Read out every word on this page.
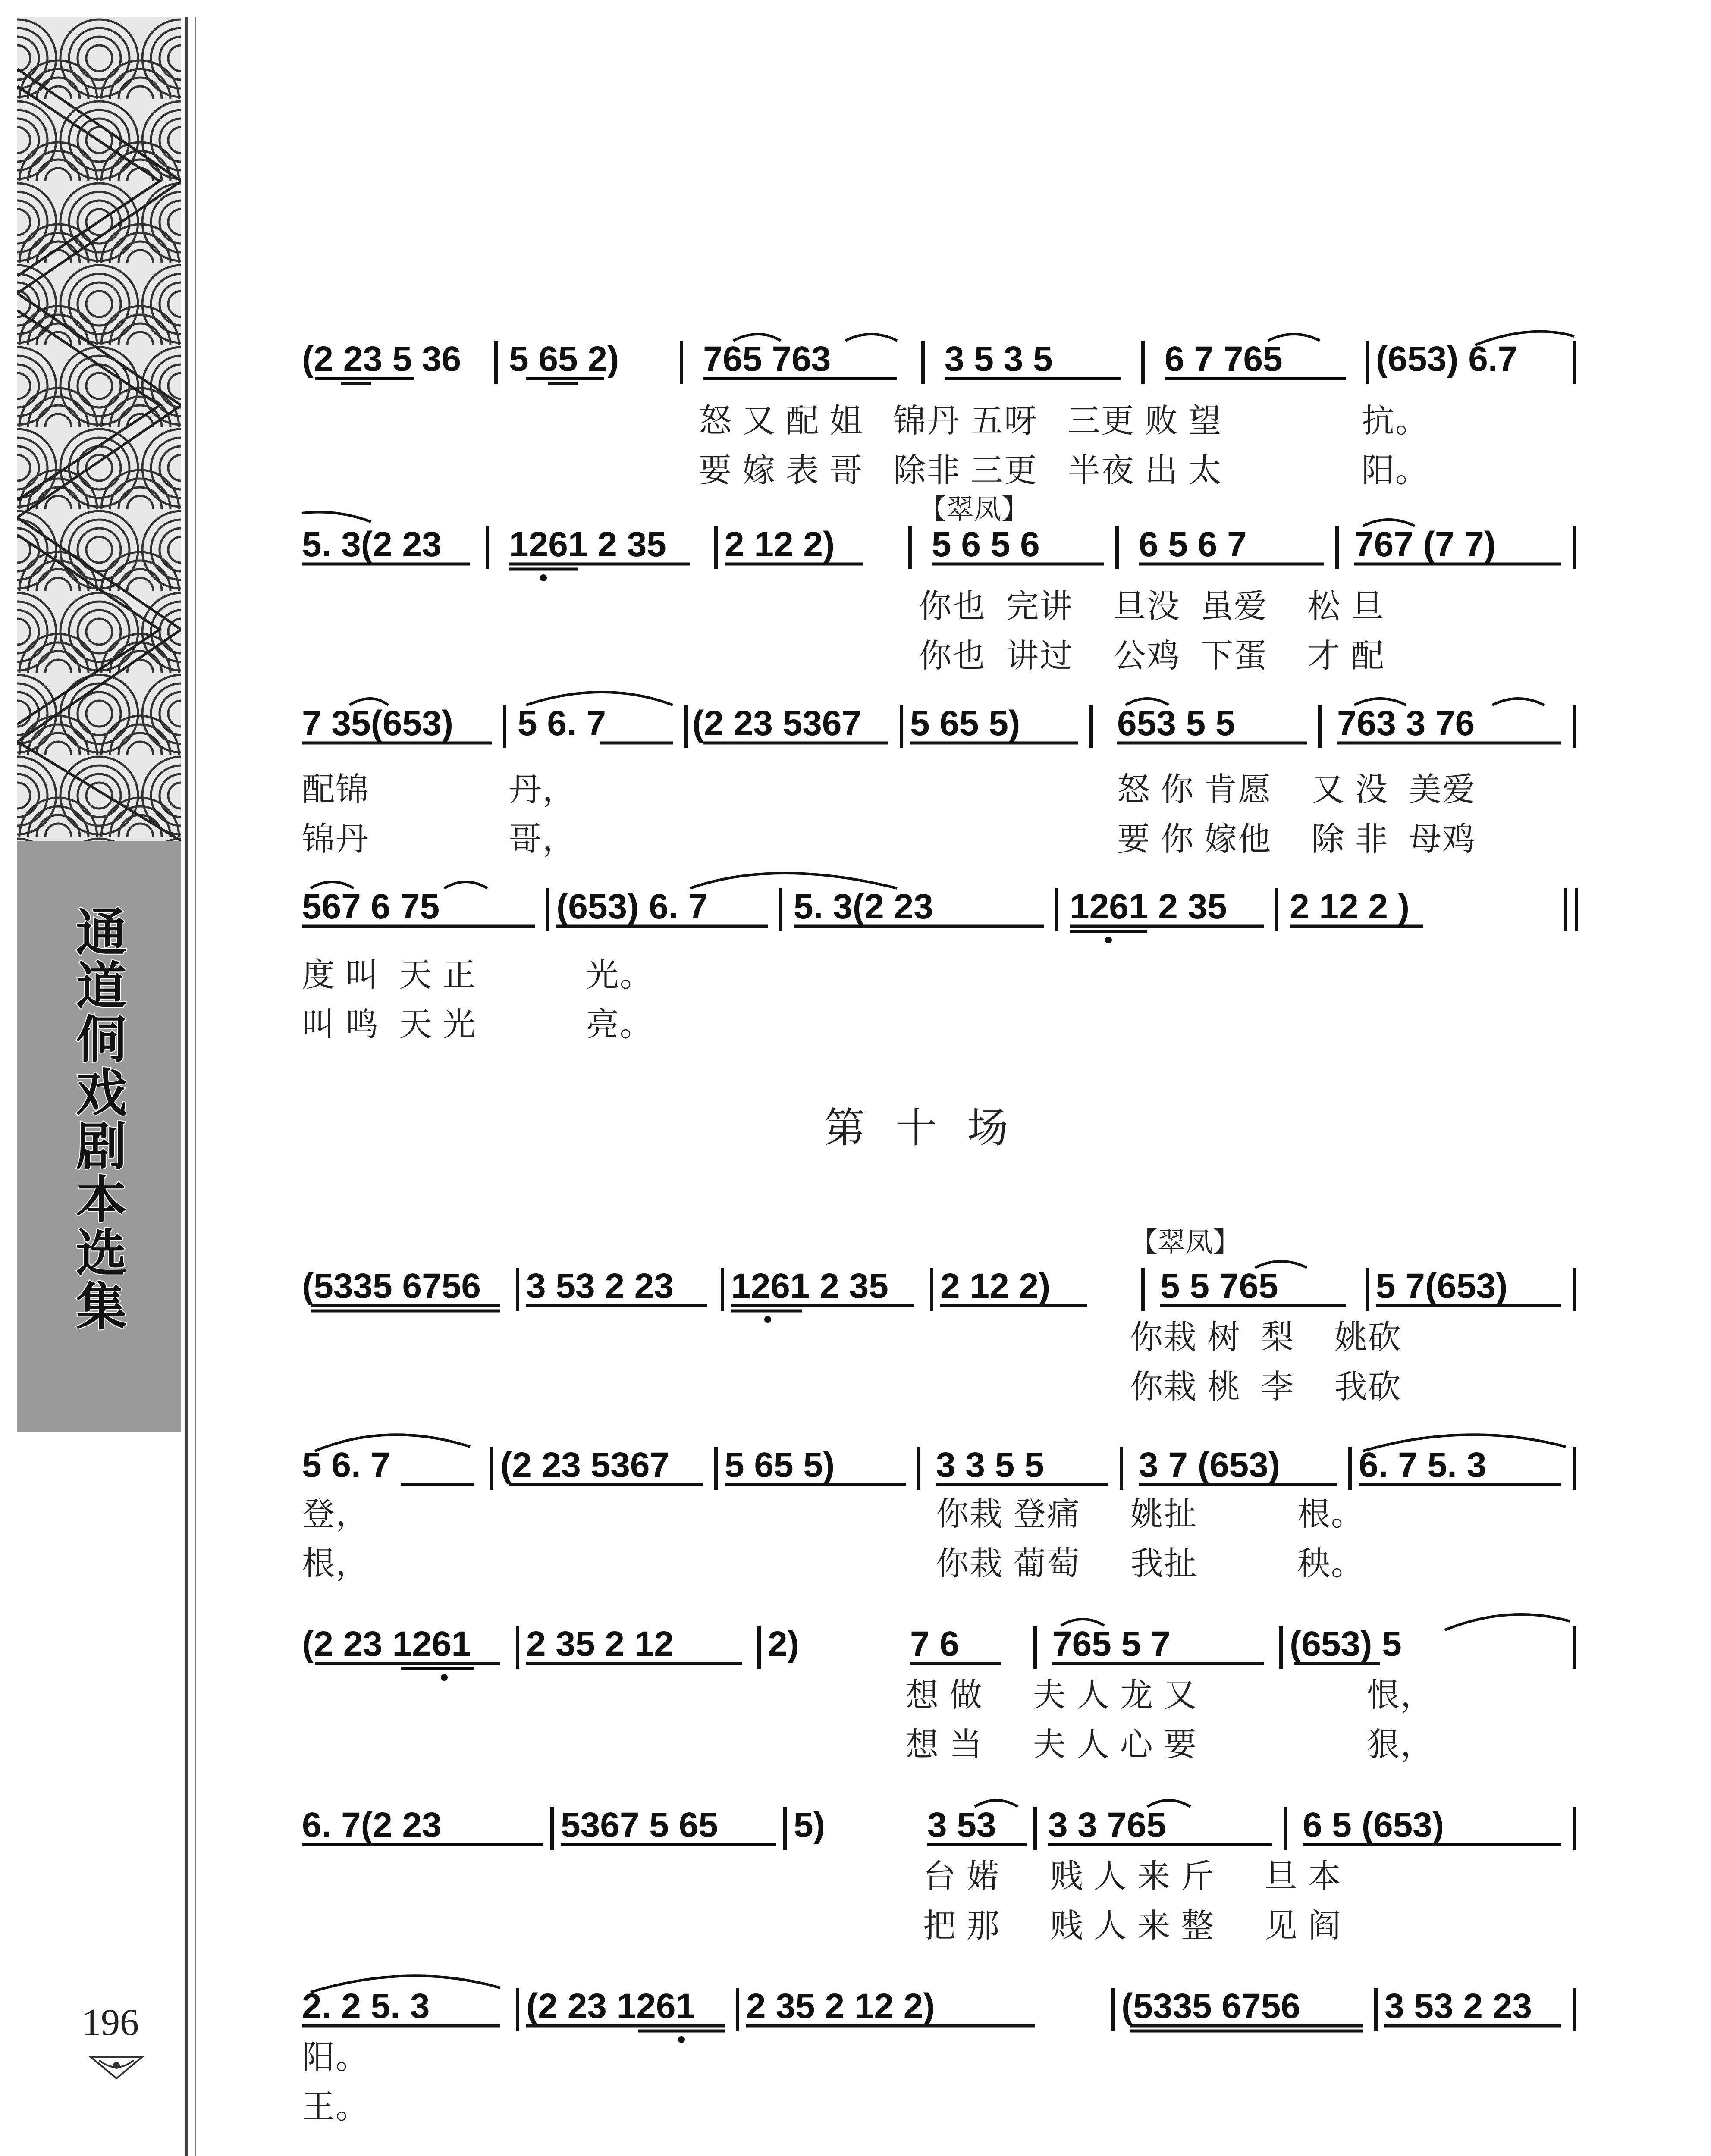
通道侗戏剧本选集
196
(2 23 5 36 5 65 2) 765 763	3 5 3 5	6 7 765	(653) 6.7
怒 又 配 姐   锦丹 五呀   三更 败 望              抗。
要 嫁 表 哥   除非 三更   半夜 出 太              阳。
【翠凤】
5. 3(2 23 1261 2 35 2 12 2)	5 6 5 6	6 5 6 7	767 (7 7)
你也  完讲    旦没  虽爱    松 旦
你也  讲过    公鸡  下蛋    才 配
7 35(653) 5 6. 7 (2 23 5367 5 65 5)	653 5 5	763 3 76
配锦              丹，
锦丹              哥，
怒 你 肯愿    又 没  美爱
要 你 嫁他    除 非  母鸡
567 6 75	(653) 6. 7 5. 3(2 23	1261 2 35 2 12 2 )
度 叫  天 正           光。
叫 鸣  天 光           亮。
第十场
【翠凤】
(5335 6756 3 53 2 23 1261 2 35 2 12 2)	5 5 765	5 7(653)
你栽 树  梨    姚砍
你栽 桃  李    我砍
5 6. 7	(2 23 5367 5 65 5)	3 3 5 5	3 7 (653) 6. 7 5. 3
登，
根，
你栽 登痛     姚扯          根。
你栽 葡萄     我扯          秧。
(2 23 1261 2 35 2 12	2)	7 6	765 5 7	(653) 5
想 做     夫 人 龙 又                 恨，
想 当     夫 人 心 要                 狠，
6. 7(2 23	5367 5 65 5)	3 53 3 3 765	6 5 (653)
台 婼     贱 人 来 斤     旦 本
把 那     贱 人 来 整     见 阎
2. 2 5. 3	(2 23 1261 2 35 2 12 2)	(5335 6756 3 53 2 23
阳。
王。
